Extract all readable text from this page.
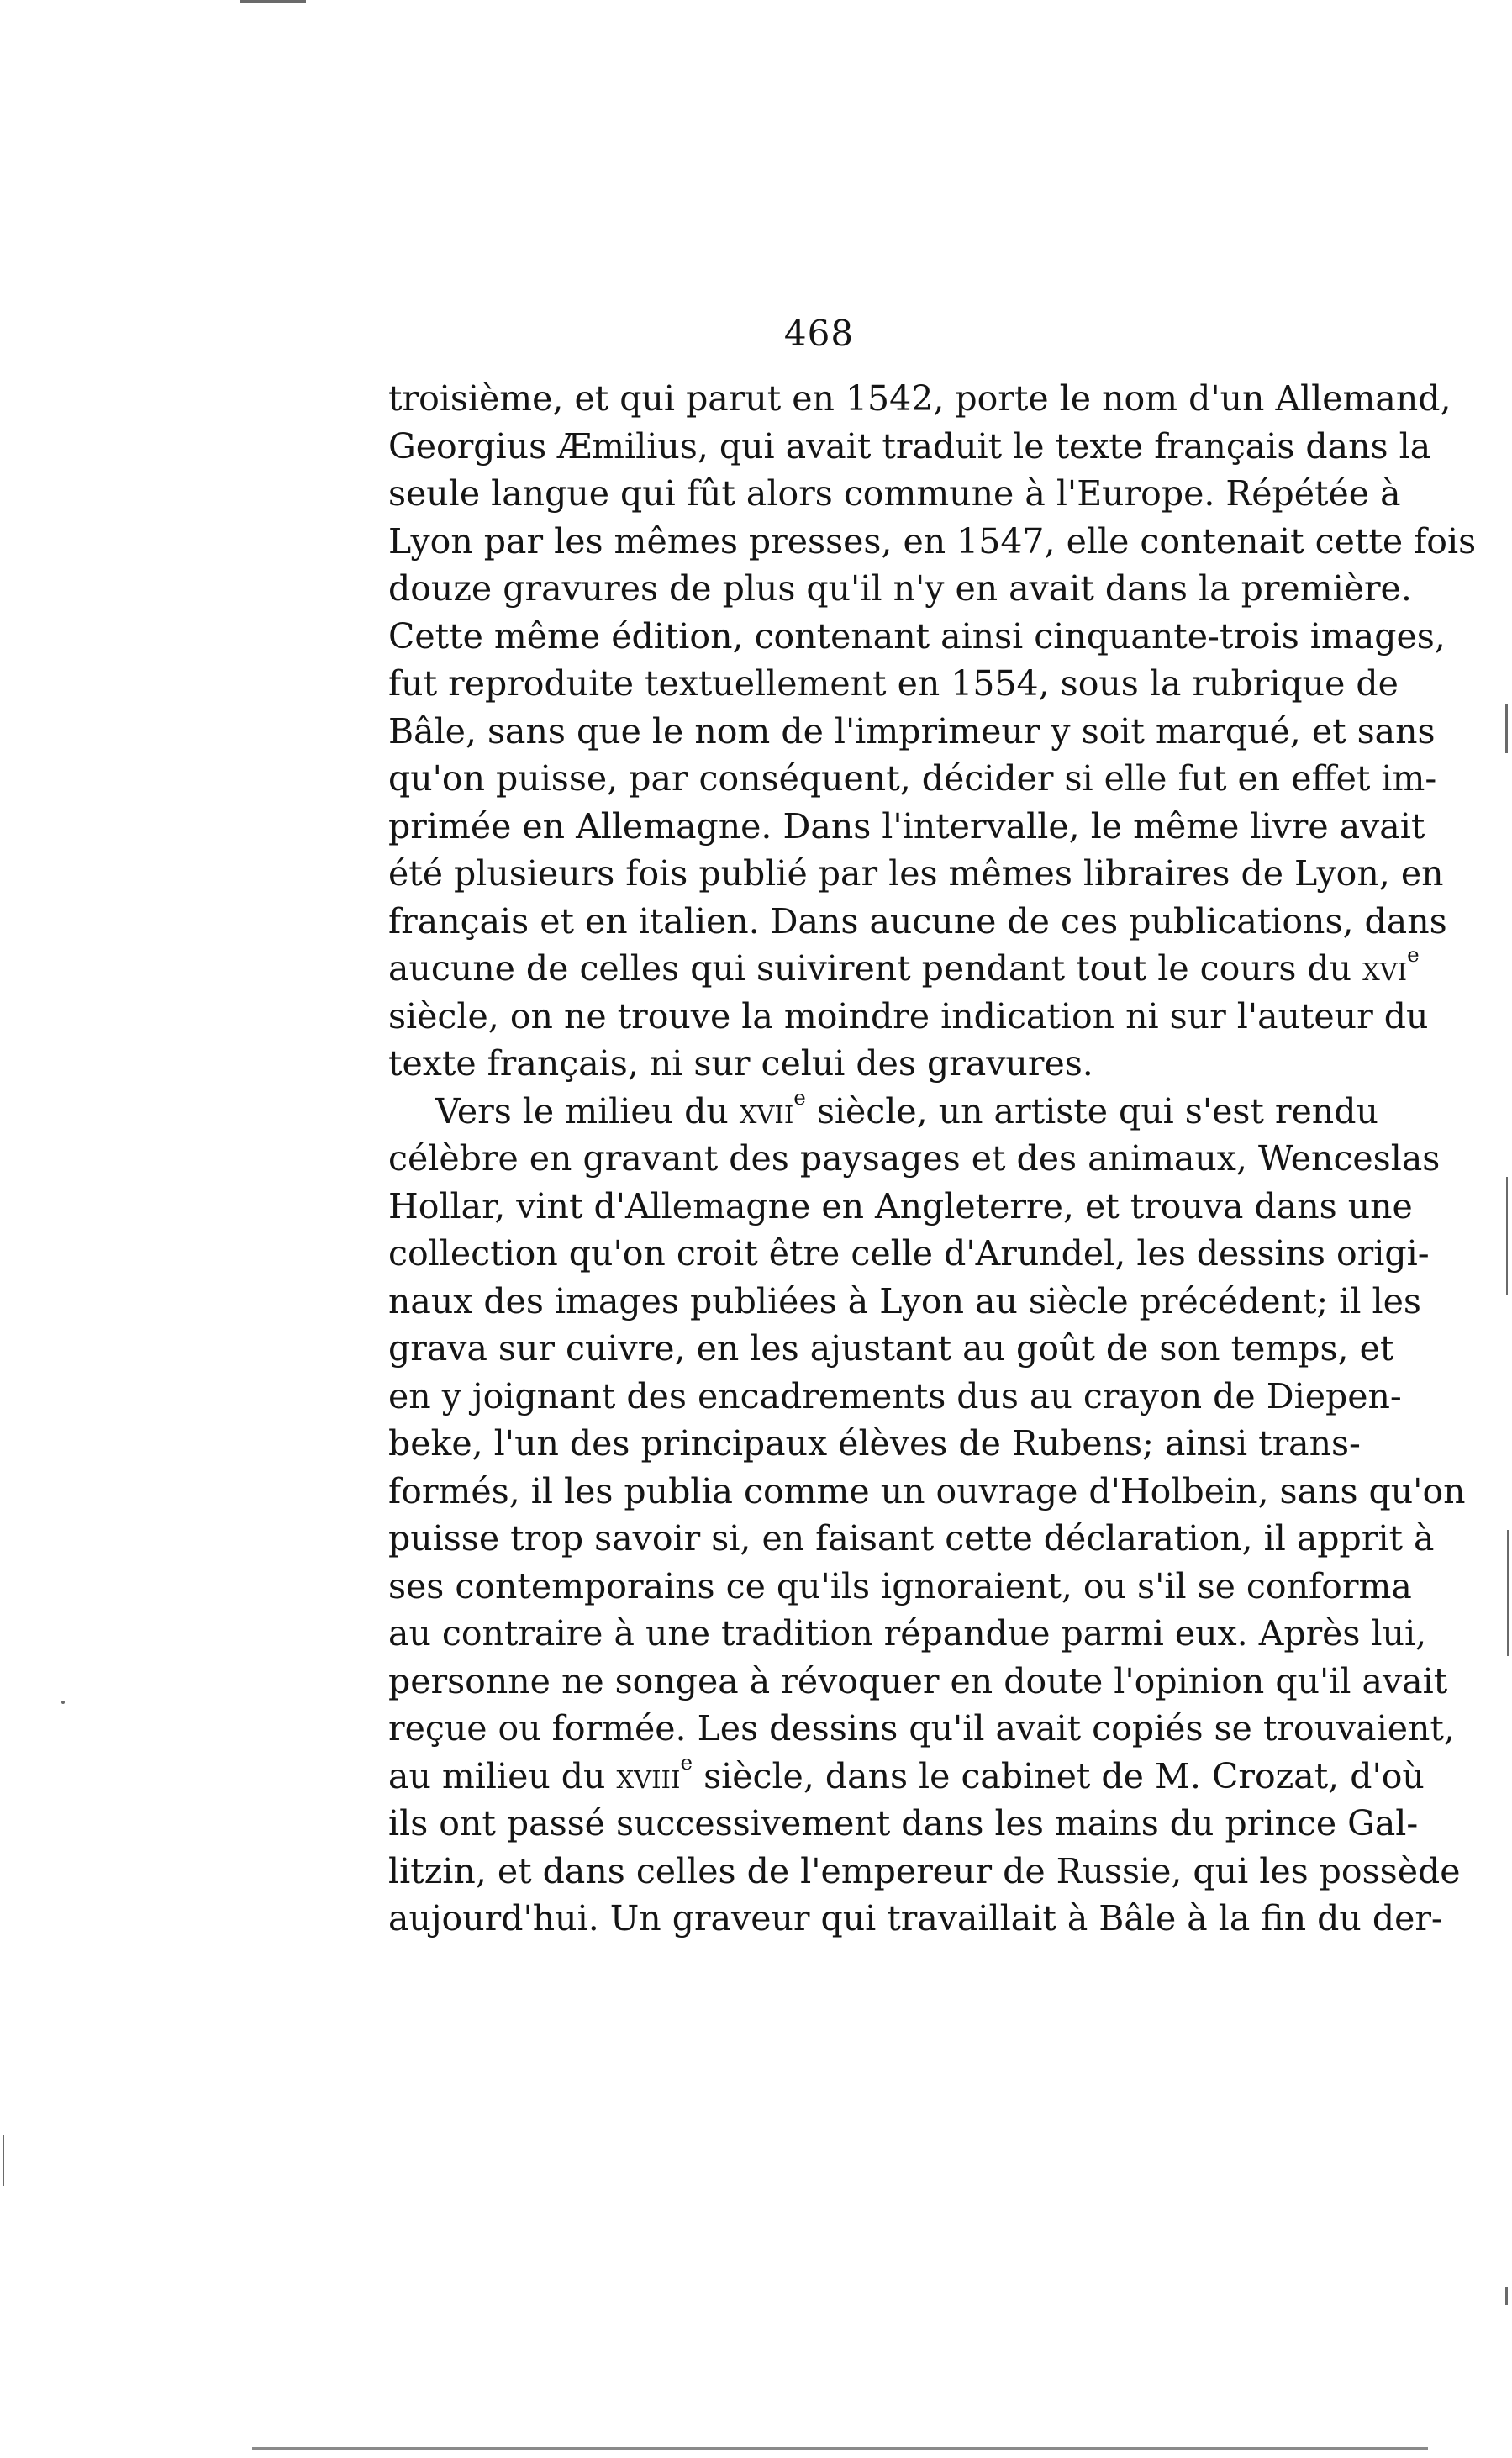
468
troisième, et qui parut en 1542, porte le nom d'un Allemand,
Georgius Æmilius, qui avait traduit le texte français dans la
seule langue qui fût alors commune à l'Europe. Répétée à
Lyon par les mêmes presses, en 1547, elle contenait cette fois
douze gravures de plus qu'il n'y en avait dans la première.
Cette même édition, contenant ainsi cinquante-trois images,
fut reproduite textuellement en 1554, sous la rubrique de
Bâle, sans que le nom de l'imprimeur y soit marqué, et sans
qu'on puisse, par conséquent, décider si elle fut en effet im-
primée en Allemagne. Dans l'intervalle, le même livre avait
été plusieurs fois publié par les mêmes libraires de Lyon, en
français et en italien. Dans aucune de ces publications, dans
aucune de celles qui suivirent pendant tout le cours du xvi$^e$
siècle, on ne trouve la moindre indication ni sur l'auteur du
texte français, ni sur celui des gravures.
Vers le milieu du xvii$^e$ siècle, un artiste qui s'est rendu
célèbre en gravant des paysages et des animaux, Wenceslas
Hollar, vint d'Allemagne en Angleterre, et trouva dans une
collection qu'on croit être celle d'Arundel, les dessins origi-
naux des images publiées à Lyon au siècle précédent; il les
grava sur cuivre, en les ajustant au goût de son temps, et
en y joignant des encadrements dus au crayon de Diepen-
beke, l'un des principaux élèves de Rubens; ainsi trans-
formés, il les publia comme un ouvrage d'Holbein, sans qu'on
puisse trop savoir si, en faisant cette déclaration, il apprit à
ses contemporains ce qu'ils ignoraient, ou s'il se conforma
au contraire à une tradition répandue parmi eux. Après lui,
personne ne songea à révoquer en doute l'opinion qu'il avait
reçue ou formée. Les dessins qu'il avait copiés se trouvaient,
au milieu du xviii$^e$ siècle, dans le cabinet de M. Crozat, d'où
ils ont passé successivement dans les mains du prince Gal-
litzin, et dans celles de l'empereur de Russie, qui les possède
aujourd'hui. Un graveur qui travaillait à Bâle à la fin du der-
